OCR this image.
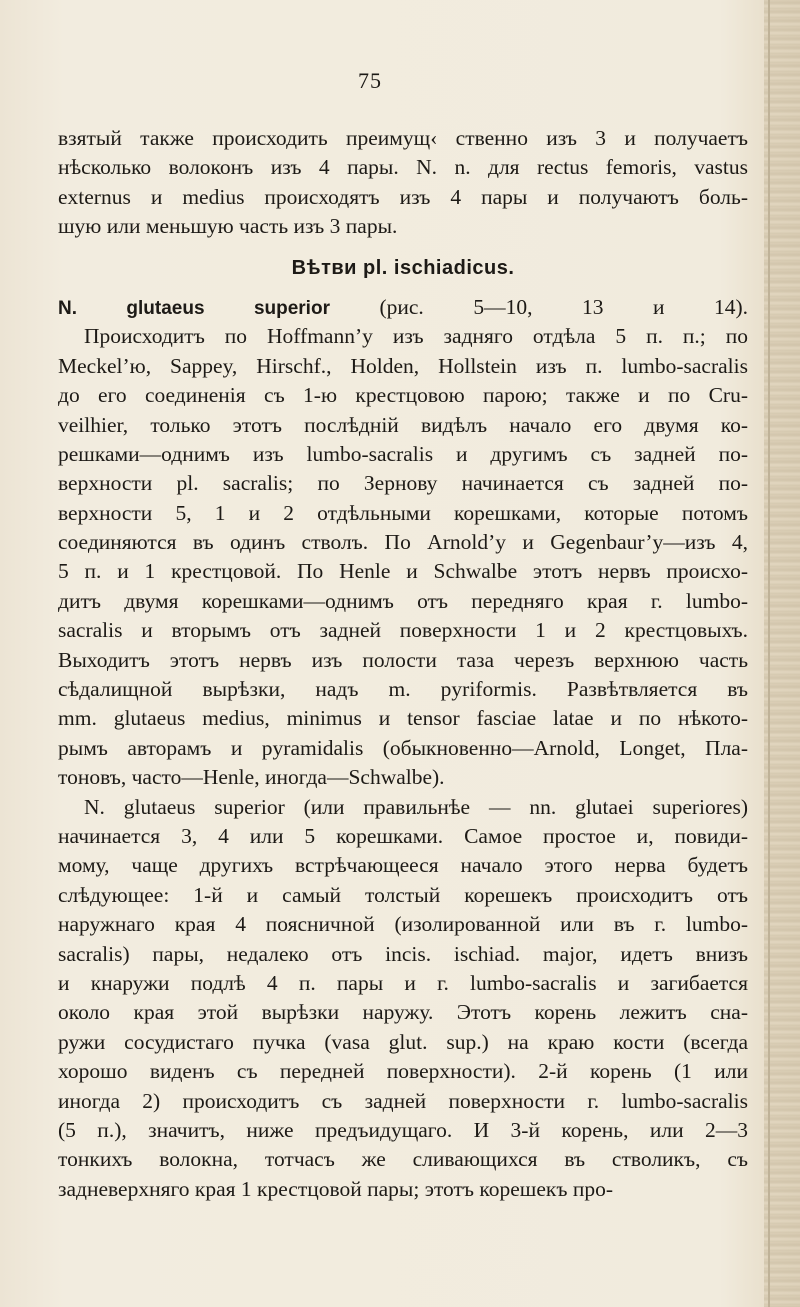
75
взятый также происходить преимущ‹ ственно изъ 3 и получаетъ
нѣсколько волоконъ изъ 4 пары. N. n. для rectus femoris, vastus
externus и medius происходятъ изъ 4 пары и получаютъ боль-
шую или меньшую часть изъ 3 пары.
Вѣтви pl. ischiadicus.
N. glutaeus superior (рис. 5—10, 13 и 14).
Происходитъ по Hoffmann’у изъ задняго отдѣла 5 п. п.; по
Meckel’ю, Sappey, Hirschf., Holden, Hollstein изъ п. lumbo-sacralis
до его соединенія съ 1-ю крестцовою парою; также и по Cru-
veilhier, только этотъ послѣдній видѣлъ начало его двумя ко-
решками—однимъ изъ lumbo-sacralis и другимъ съ задней по-
верхности pl. sacralis; по Зернову начинается съ задней по-
верхности 5, 1 и 2 отдѣльными корешками, которые потомъ
соединяются въ одинъ стволъ. По Arnold’у и Gegenbaur’у—изъ 4,
5 п. и 1 крестцовой. По Henle и Schwalbe этотъ нервъ происхо-
дитъ двумя корешками—однимъ отъ передняго края г. lumbo-
sacralis и вторымъ отъ задней поверхности 1 и 2 крестцовыхъ.
Выходитъ этотъ нервъ изъ полости таза черезъ верхнюю часть
сѣдалищной вырѣзки, надъ m. pyriformis. Развѣтвляется въ
mm. glutaeus medius, minimus и tensor fasciae latae и по нѣкото-
рымъ авторамъ и pyramidalis (обыкновенно—Arnold, Longet, Пла-
тоновъ, часто—Henle, иногда—Schwalbe).
N. glutaeus superior (или правильнѣе — nn. glutaei superiores)
начинается 3, 4 или 5 корешками. Самое простое и, повиди-
мому, чаще другихъ встрѣчающееся начало этого нерва будетъ
слѣдующее: 1-й и самый толстый корешекъ происходитъ отъ
наружнаго края 4 поясничной (изолированной или въ г. lumbo-
sacralis) пары, недалеко отъ incis. ischiad. major, идетъ внизъ
и кнаружи подлѣ 4 п. пары и г. lumbo-sacralis и загибается
около края этой вырѣзки наружу. Этотъ корень лежитъ сна-
ружи сосудистаго пучка (vasa glut. sup.) на краю кости (всегда
хорошо виденъ съ передней поверхности). 2-й корень (1 или
иногда 2) происходитъ съ задней поверхности г. lumbo-sacralis
(5 п.), значитъ, ниже предъидущаго. И 3-й корень, или 2—3
тонкихъ волокна, тотчасъ же сливающихся въ стволикъ, съ
задневерхняго края 1 крестцовой пары; этотъ корешекъ про-
